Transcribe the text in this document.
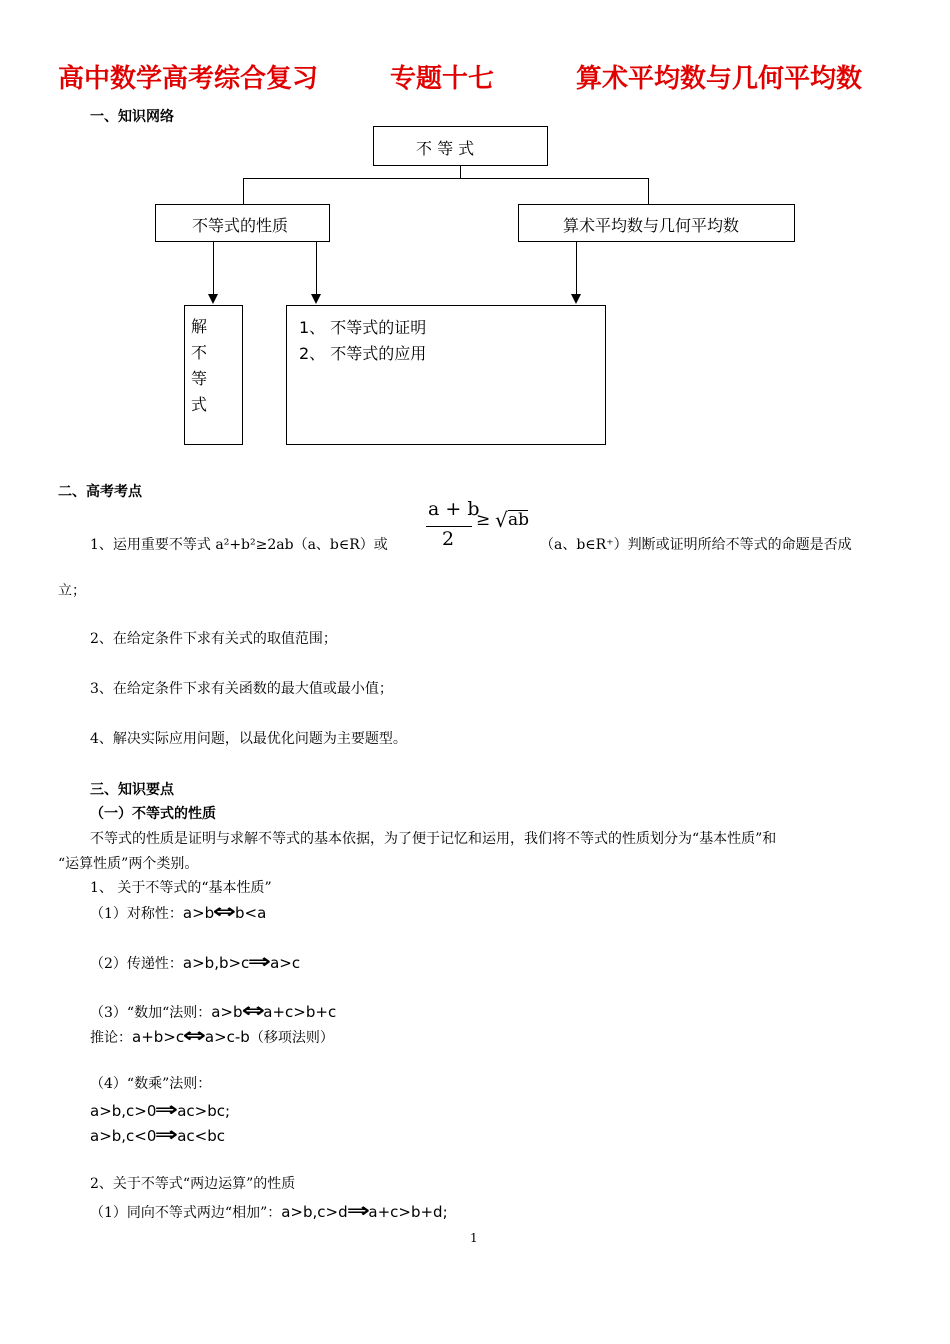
高中数学高考综合复习	专题十七	算术平均数与几何平均数
一、知识网络
不 等 式
不等式的性质	算术平均数与几何平均数
解
不
等
式
1、 不等式的证明
2、 不等式的应用
二、高考考点
1、运用重要不等式 a²+b²≥2ab（a、b∈R）或
a + b
2
≥ √ ab
（a、b∈R⁺）判断或证明所给不等式的命题是否成
立；
2、在给定条件下求有关式的取值范围；
3、在给定条件下求有关函数的最大值或最小值；
4、解决实际应用问题，以最优化问题为主要题型。
三、知识要点
（一）不等式的性质
不等式的性质是证明与求解不等式的基本依据，为了便于记忆和运用，我们将不等式的性质划分为“基本性质”和
“运算性质”两个类别。
1、 关于不等式的“基本性质”
（1）对称性：a>b⇔b<a
（2）传递性：a>b,b>c⇒a>c
（3）“数加“法则：a>b⇔a+c>b+c
推论：a+b>c⇔a>c-b（移项法则）
（4）“数乘”法则：
a>b,c>0⇒ac>bc;
a>b,c<0⇒ac<bc
2、关于不等式“两边运算”的性质
（1）同向不等式两边“相加”：a>b,c>d⇒a+c>b+d;
1
